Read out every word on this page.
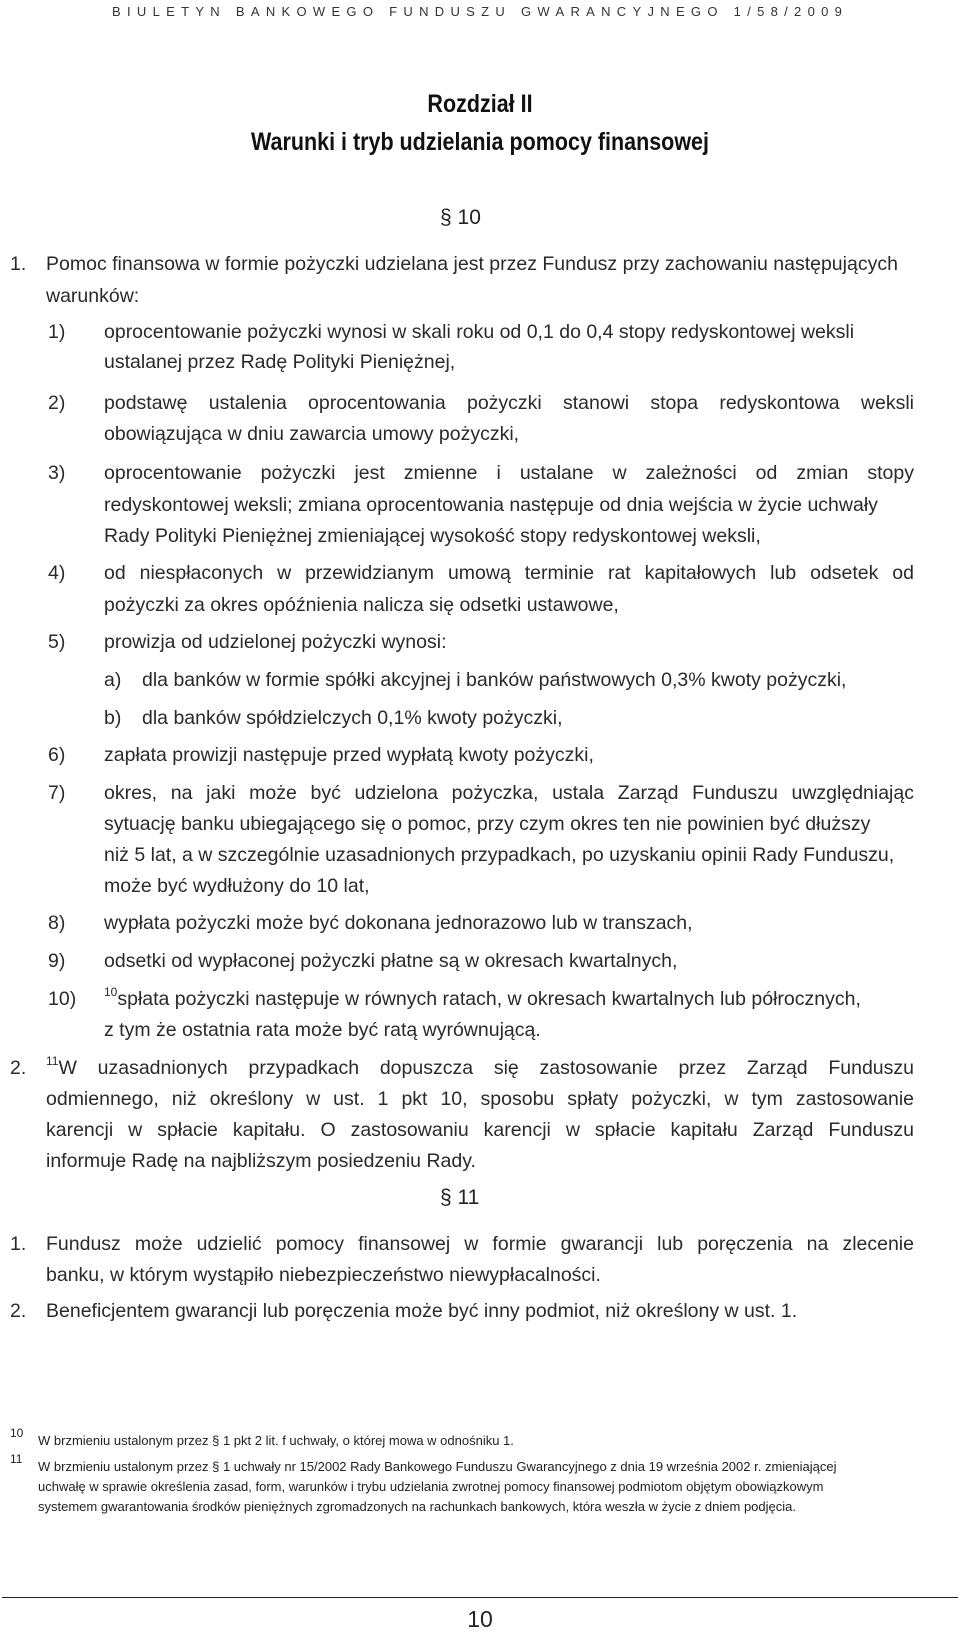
BIULETYN BANKOWEGO FUNDUSZU GWARANCYJNEGO 1/58/2009
Rozdział II
Warunki i tryb udzielania pomocy finansowej
§ 10
1. Pomoc finansowa w formie pożyczki udzielana jest przez Fundusz przy zachowaniu następujących
warunków:
1) oprocentowanie pożyczki wynosi w skali roku od 0,1 do 0,4 stopy redyskontowej weksli
ustalanej przez Radę Polityki Pieniężnej,
2) podstawę ustalenia oprocentowania pożyczki stanowi stopa redyskontowa weksli
obowiązująca w dniu zawarcia umowy pożyczki,
3) oprocentowanie pożyczki jest zmienne i ustalane w zależności od zmian stopy
redyskontowej weksli; zmiana oprocentowania następuje od dnia wejścia w życie uchwały
Rady Polityki Pieniężnej zmieniającej wysokość stopy redyskontowej weksli,
4) od niespłaconych w przewidzianym umową terminie rat kapitałowych lub odsetek od
pożyczki za okres opóźnienia nalicza się odsetki ustawowe,
5) prowizja od udzielonej pożyczki wynosi:
a) dla banków w formie spółki akcyjnej i banków państwowych 0,3% kwoty pożyczki,
b) dla banków spółdzielczych 0,1% kwoty pożyczki,
6) zapłata prowizji następuje przed wypłatą kwoty pożyczki,
7) okres, na jaki może być udzielona pożyczka, ustala Zarząd Funduszu uwzględniając
sytuację banku ubiegającego się o pomoc, przy czym okres ten nie powinien być dłuższy
niż 5 lat, a w szczególnie uzasadnionych przypadkach, po uzyskaniu opinii Rady Funduszu,
może być wydłużony do 10 lat,
8) wypłata pożyczki może być dokonana jednorazowo lub w transzach,
9) odsetki od wypłaconej pożyczki płatne są w okresach kwartalnych,
10) $^{10}$spłata pożyczki następuje w równych ratach, w okresach kwartalnych lub półrocznych,
z tym że ostatnia rata może być ratą wyrównującą.
2. $^{11}$W uzasadnionych przypadkach dopuszcza się zastosowanie przez Zarząd Funduszu
odmiennego, niż określony w ust. 1 pkt 10, sposobu spłaty pożyczki, w tym zastosowanie
karencji w spłacie kapitału. O zastosowaniu karencji w spłacie kapitału Zarząd Funduszu
informuje Radę na najbliższym posiedzeniu Rady.
§ 11
1. Fundusz może udzielić pomocy finansowej w formie gwarancji lub poręczenia na zlecenie
banku, w którym wystąpiło niebezpieczeństwo niewypłacalności.
2. Beneficjentem gwarancji lub poręczenia może być inny podmiot, niż określony w ust. 1.
10 W brzmieniu ustalonym przez § 1 pkt 2 lit. f uchwały, o której mowa w odnośniku 1.
11 W brzmieniu ustalonym przez § 1 uchwały nr 15/2002 Rady Bankowego Funduszu Gwarancyjnego z dnia 19 września 2002 r. zmieniającej
uchwałę w sprawie określenia zasad, form, warunków i trybu udzielania zwrotnej pomocy finansowej podmiotom objętym obowiązkowym
systemem gwarantowania środków pieniężnych zgromadzonych na rachunkach bankowych, która weszła w życie z dniem podjęcia.
10
